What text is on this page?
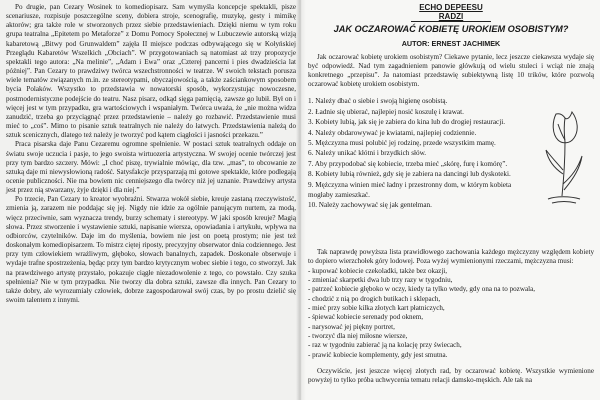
Po drugie, pan Cezary Wosinek to komediopisarz. Sam wymyśla koncepcje spektakli, pisze scenariusze, rozpisuje poszczególne sceny, dobiera stroje, scenografię, muzykę, gesty i mimikę aktorów; gra także role w stworzonych przez siebie przedstawieniach. Dzięki niemu w tym roku grupa teatralna „Epitetem po Metaforze” z Domu Pomocy Społecznej w Lubuczewie autorską wizją kabaretową „Bitwy pod Grunwaldem” zajęła II miejsce podczas odbywającego się w Kołyńskiej Przeglądu Kabaretów Wszelkich „Obciach”. W przygotowaniach są natomiast aż trzy propozycje spektakli tego autora: „Na melinie”, „Adam i Ewa” oraz „Czterej pancerni i pies dwadzieścia lat później”. Pan Cezary to prawdziwy twórca wszechstronności w teatrze. W swoich tekstach porusza wiele tematów związanych m.in. ze stereotypami, obyczajowością, a także zaściankowym sposobem bycia Polaków. Wszystko to przedstawia w nowatorski sposób, wykorzystując nowoczesne, postmodernistyczne podejście do teatru. Nasz pisarz, odkąd sięga pamięcią, zawsze go lubił. Był on i więcej jest w tym przypadku, gra wartościowych i wspaniałym. Twórca uważa, że „nie można widza zanudzić, trzeba go przyciągnąć przez przedstawienie – należy go rozbawić. Przedstawienie musi mieć to „coś”. Mimo to pisanie sztuk teatralnych nie należy do łatwych. Przedstawienia należą do sztuk scenicznych, dlatego też należy je tworzyć pod kątem ciągłości i jasności przekazu.”

Praca pisarska daje Panu Cezaremu ogromne spełnienie. W postaci sztuk teatralnych oddaje on światu swoje uczucia i pasje, to jego swoista wirtuozeria artystyczna. W swojej ocenie twórczej jest przy tym bardzo szczery. Mówi: „I choć piszę, trywialnie mówiąc, dla tzw. „mas”, to obcowanie ze sztuką daje mi niewysłowioną radość. Satysfakcje przysparzają mi gotowe spektakle, które podlegają ocenie publiczności. Nie ma bowiem nic cenniejszego dla twórcy niż jej uznanie. Prawdziwy artysta jest przez nią stwarzany, żyje dzięki i dla niej.”

Po trzecie, Pan Cezary to kreator wyobraźni. Stwarza wokół siebie, kreuje zastaną rzeczywistość, zmienia ją, zarazem nie poddając się jej. Nigdy nie idzie za ogólnie panującym nurtem, za modą, więcz przeciwnie, sam wyznacza trendy, burzy schematy i stereotypy. W jaki sposób kreuje? Magią słowa. Przez stworzenie i wystawienie sztuki, napisanie wiersza, opowiadania i artykułu, wpływa na odbiorców, czytelników. Daje im do myślenia, bowiem nie jest on poetą prostym; nie jest też doskonałym komediopisarzem. To mistrz ciętej riposty, precyzyjny obserwator dnia codziennego. Jest przy tym człowiekiem wrażliwym, głęboko, słowach banalnych, zapadek. Doskonale obserwuje i wydaje trafne spostrzeżenia, będąc przy tym bardzo krytycznym wobec siebie i tego, co stworzył. Jak na prawdziwego artystę przystało, pokazuje ciągłe niezadowolenie z tego, co powstało. Czy szuka spełnienia? Nie w tym przypadku. Nie tworzy dla dobra sztuki, zawsze dla innych. Pan Cezary to także dobry, ale wyrozumiały człowiek, dobrze zagospodarował swój czas, by po prostu dzielić się swoim talentem z innymi.

ECHO DEPEESU RADZI
JAK OCZAROWAĆ KOBIETĘ UROKIEM OSOBISTYM?
AUTOR: ERNEST JACHIMEK

Jak oczarować kobietę urokiem osobistym? Ciekawe pytanie, lecz jeszcze ciekawsza wydaje się być odpowiedź. Nad tym zagadnieniem panowie główkują od wielu stuleci i wciąż nie znają konkretnego „przepisu”. Ja natomiast przedstawię subiektywną listę 10 trików, które pozwolą oczarować kobietę urokiem osobistym.

1. Należy dbać o siebie i swoją higienę osobistą.
2. Ładnie się ubierać, najlepiej nosić koszulę i krawat.
3. Kobiety lubią, jak się je zabiera do kina lub do drogiej restauracji.
4. Należy obdarowywać je kwiatami, najlepiej codziennie.
5. Mężczyzna musi polubić jej rodzinę, przede wszystkim mamę.
6. Należy unikać kłótni i brzydkich słów.
7. Aby przypodobać się kobiecie, trzeba mieć „skórę, furę i komórę”.
8. Kobiety lubią również, gdy się je zabiera na dancingi lub dyskoteki.
9. Mężczyzna winien mieć ładny i przestronny dom, w którym kobieta mogłaby zamieszkać.
10. Należy zachowywać się jak gentelman.

Tak naprawdę powyższa lista prawidłowego zachowania każdego mężczyzny względem kobiety to dopiero wierzchołek góry lodowej. Poza wyżej wymienionymi rzeczami, mężczyzna musi:

- kupować kobiecie czekoladki, także bez okazji,
- zmieniać skarpetki dwa lub trzy razy w tygodniu,
- patrzeć kobiecie głęboko w oczy, kiedy ta tylko wtedy, gdy ona na to pozwala,
- chodzić z nią po drogich butikach i sklepach,
- mieć przy sobie kilka złotych kart płatniczych,
- śpiewać kobiecie serenady pod oknem,
- narysować jej piękny portret,
- tworzyć dla niej miłosne wiersze,
- raz w tygodniu zabierać ją na kolację przy świecach,
- prawić kobiecie komplementy, gdy jest smutna.

Oczywiście, jest jeszcze więcej złotych rad, by oczarować kobietę. Wszystkie wymienione powyżej to tylko próba uchwycenia tematu relacji damsko-męskich. Ale tak na
